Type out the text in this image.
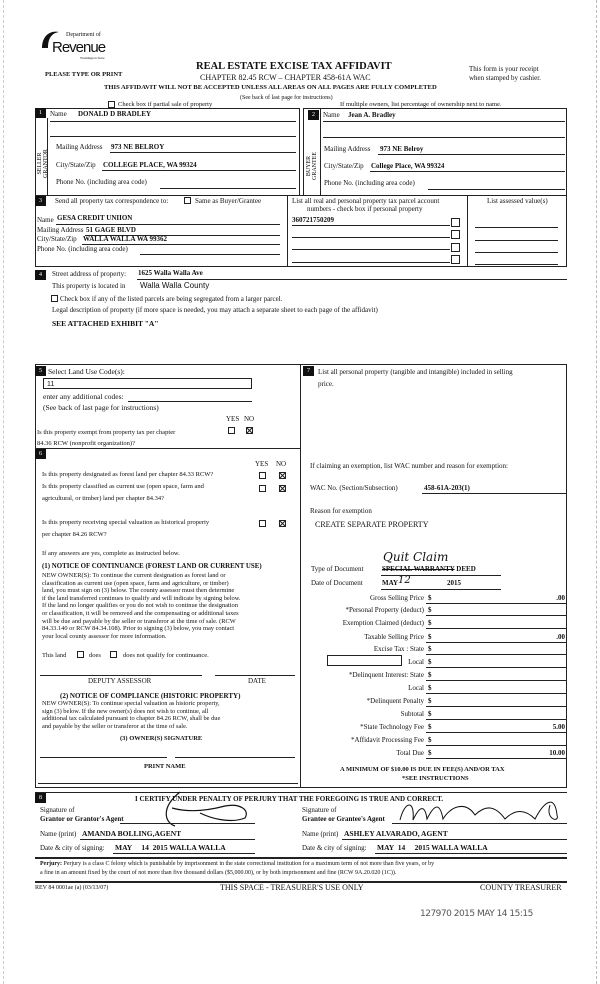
Department of
Revenue
Washington State
PLEASE TYPE OR PRINT
REAL ESTATE EXCISE TAX AFFIDAVIT
CHAPTER 82.45 RCW – CHAPTER 458-61A WAC
THIS AFFIDAVIT WILL NOT BE ACCEPTED UNLESS ALL AREAS ON ALL PAGES ARE FULLY COMPLETED
(See back of last page for instructions)
This form is your receipt
when stamped by cashier.
Check box if partial sale of property	If multiple owners, list percentage of ownership next to name.
1
SELLER
GRANTOR
Name DONALD D BRADLEY
Mailing Address 973 NE BELROY
City/State/Zip COLLEGE PLACE, WA 99324
Phone No. (including area code)
2
BUYER
GRANTEE
Name Jean A. Bradley
Mailing Address 973 NE Belroy
City/State/Zip College Place, WA 99324
Phone No. (including area code)
3	Send all property tax correspondence to:	Same as Buyer/Grantee
Name GESA CREDIT UNIION
Mailing Address 51 GAGE BLVD
City/State/Zip WALLA WALLA WA 99362
Phone No. (including area code)
List all real and personal property tax parcel account
numbers - check box if personal property
List assessed value(s)
360721750209
4	Street address of property: 1625 Walla Walla Ave
This property is located in Walla Walla County
Check box if any of the listed parcels are being segregated from a larger parcel.
Legal description of property (if more space is needed, you may attach a separate sheet to each page of the affidavit)
SEE ATTACHED EXHIBIT "A"
5 Select Land Use Code(s):
11
enter any additional codes:
(See back of last page for instructions)
YES NO
Is this property exempt from property tax per chapter
84.36 RCW (nonprofit organization)?
7	List all personal property (tangible and intangible) included in selling
price.
6
YES NO
Is this property designated as forest land per chapter 84.33 RCW?
Is this property classified as current use (open space, farm and
agricultural, or timber) land per chapter 84.34?
Is this property receiving special valuation as historical property
per chapter 84.26 RCW?
If any answers are yes, complete as instructed below.
(1) NOTICE OF CONTINUANCE (FOREST LAND OR CURRENT USE)
NEW OWNER(S): To continue the current designation as forest land or
classification as current use (open space, farm and agriculture, or timber)
land, you must sign on (3) below. The county assessor must then determine
if the land transferred continues to qualify and will indicate by signing below.
If the land no longer qualifies or you do not wish to continue the designation
or classification, it will be removed and the compensating or additional taxes
will be due and payable by the seller or transferor at the time of sale. (RCW
84.33.140 or RCW 84.34.108). Prior to signing (3) below, you may contact
your local county assessor for more information.
This land	does	does not qualify for continuance.
DEPUTY ASSESSOR	DATE
(2) NOTICE OF COMPLIANCE (HISTORIC PROPERTY)
NEW OWNER(S): To continue special valuation as historic property,
sign (3) below. If the new owner(s) does not wish to continue, all
additional tax calculated pursuant to chapter 84.26 RCW, shall be due
and payable by the seller or transferor at the time of sale.
(3) OWNER(S) SIGNATURE
PRINT NAME
If claiming an exemption, list WAC number and reason for exemption:
WAC No. (Section/Subsection)	458-61A-203(1)
Reason for exemption
CREATE SEPARATE PROPERTY
Type of Document
Quit Claim
SPECIAL WARRANTY DEED
Date of Document	MAY 12	2015
Gross Selling Price $	.00
*Personal Property (deduct) $
Exemption Claimed (deduct) $
Taxable Selling Price $	.00
Excise Tax : State $
Local $
*Delinquent Interest: State $
Local $
*Delinquent Penalty $
Subtotal $
*State Technology Fee $	5.00
*Affidavit Processing Fee $
Total Due $	10.00
A MINIMUM OF $10.00 IS DUE IN FEE(S) AND/OR TAX
*SEE INSTRUCTIONS
8	I CERTIFY UNDER PENALTY OF PERJURY THAT THE FOREGOING IS TRUE AND CORRECT.
Signature of
Grantor or Grantor's Agent
Name (print) AMANDA BOLLING,AGENT
Date & city of signing: MAY     14  2015 WALLA WALLA
Signature of
Grantee or Grantee's Agent
Name (print) ASHLEY ALVARADO, AGENT
Date & city of signing: MAY  14     2015 WALLA WALLA
Perjury: Perjury is a class C felony which is punishable by imprisonment in the state correctional institution for a maximum term of not more than five years, or by
a fine in an amount fixed by the court of not more than five thousand dollars ($5,000.00), or by both imprisonment and fine (RCW 9A.20.020 (1C)).
REV 84 0001ae (a) (03/13/07)	THIS SPACE - TREASURER'S USE ONLY	COUNTY TREASURER
127970 2015 MAY 14 15:15
